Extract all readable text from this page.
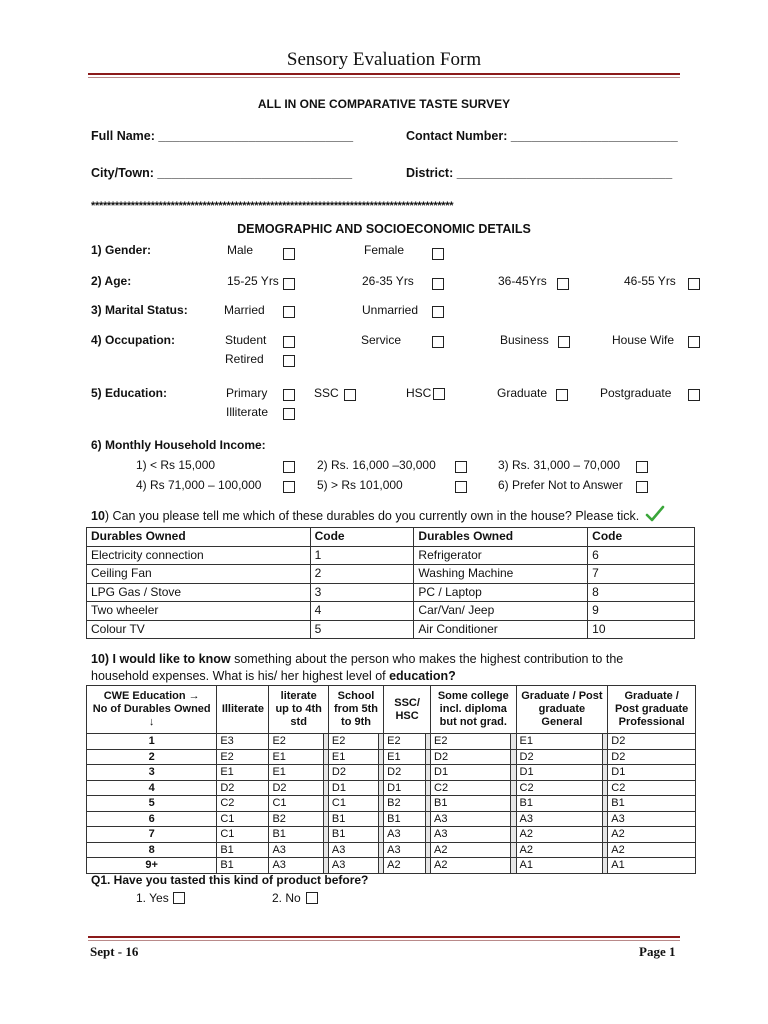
Sensory Evaluation Form
ALL IN ONE COMPARATIVE TASTE SURVEY
Full Name: ____________________________	Contact Number: ________________________
City/Town: ____________________________	District: _______________________________
*******************************************************************************************
DEMOGRAPHIC AND SOCIOECONOMIC DETAILS
1) Gender:	Male	Female
2) Age:	15-25 Yrs	26-35 Yrs	36-45Yrs	46-55 Yrs
3) Marital Status:	Married	Unmarried
4) Occupation:	Student	Service	Business	House Wife
Retired
5) Education:	Primary	SSC	HSC	Graduate	Postgraduate
Illiterate
6) Monthly Household Income:
1) < Rs 15,000	2) Rs. 16,000 –30,000	3) Rs. 31,000 – 70,000
4) Rs 71,000 – 100,000	5) > Rs 101,000	6) Prefer Not to Answer
10) Can you please tell me which of these durables do you currently own in the house? Please tick.
Durables Owned	Code	Durables Owned	Code
Electricity connection	1	Refrigerator	6
Ceiling Fan	2	Washing Machine	7
LPG Gas / Stove	3	PC / Laptop	8
Two wheeler	4	Car/Van/ Jeep	9
Colour TV	5	Air Conditioner	10
10) I would like to know something about the person who makes the highest contribution to the
household expenses. What is his/ her highest level of education?
CWE Education →
No of Durables Owned ↓	Illiterate	literate up to 4th std		School from 5th to 9th		SSC/ HSC		Some college incl. diploma but not grad.		Graduate / Post graduate General		Graduate / Post graduate Professional
1	E3	E2		E2		E2		E2		E1		D2
2	E2	E1		E1		E1		D2		D2		D2
3	E1	E1		D2		D2		D1		D1		D1
4	D2	D2		D1		D1		C2		C2		C2
5	C2	C1		C1		B2		B1		B1		B1
6	C1	B2		B1		B1		A3		A3		A3
7	C1	B1		B1		A3		A3		A2		A2
8	B1	A3		A3		A3		A2		A2		A2
9+	B1	A3		A3		A2		A2		A1		A1
Q1. Have you tasted this kind of product before?
1. Yes	2. No
Sept - 16	Page 1
